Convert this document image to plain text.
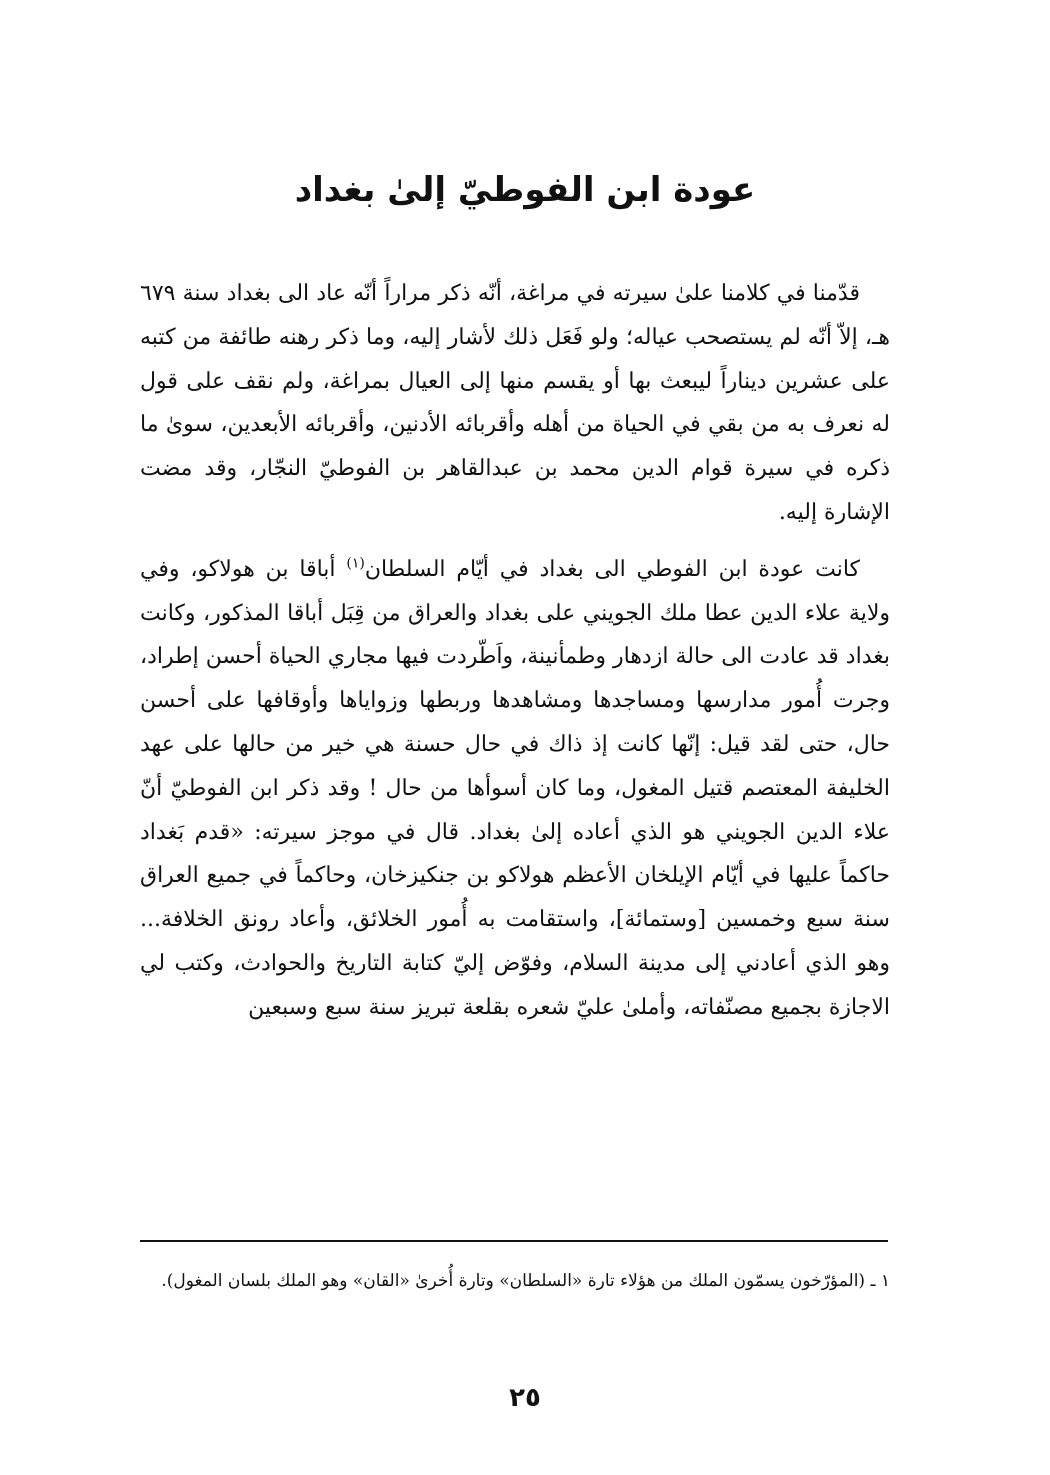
عودة ابن الفوطيّ إلىٰ بغداد

قدّمنا في كلامنا علىٰ سيرته في مراغة، أنّه ذكر مراراً أنّه عاد الى بغداد سنة ٦٧٩ هـ، إلاّ أنّه لم يستصحب عياله؛ ولو فَعَل ذلك لأشار إليه، وما ذكر رهنه طائفة من كتبه على عشرين ديناراً ليبعث بها أو يقسم منها إلى العيال بمراغة، ولم نقف على قول له نعرف به من بقي في الحياة من أهله وأقربائه الأدنين، وأقربائه الأبعدين، سوىٰ ما ذكره في سيرة قوام الدين محمد بن عبدالقاهر بن الفوطيّ النجّار، وقد مضت الإشارة إليه.

كانت عودة ابن الفوطي الى بغداد في أيّام السلطان$^{(١)}$ أباقا بن هولاكو، وفي ولاية علاء الدين عطا ملك الجويني على بغداد والعراق من قِبَل أباقا المذكور، وكانت بغداد قد عادت الى حالة ازدهار وطمأنينة، واَطّردت فيها مجاري الحياة أحسن إطراد، وجرت أُمور مدارسها ومساجدها ومشاهدها وربطها وزواياها وأوقافها على أحسن حال، حتى لقد قيل: إنّها كانت إذ ذاك في حال حسنة هي خير من حالها على عهد الخليفة المعتصم قتيل المغول، وما كان أسوأها من حال ! وقد ذكر ابن الفوطيّ أنّ علاء الدين الجويني هو الذي أعاده إلىٰ بغداد. قال في موجز سيرته: «قدم بَغداد حاكماً عليها في أيّام الإيلخان الأعظم هولاكو بن جنكيزخان، وحاكماً في جميع العراق سنة سبع وخمسين [وستمائة]، واستقامت به أُمور الخلائق، وأعاد رونق الخلافة... وهو الذي أعادني إلى مدينة السلام، وفوّض إليّ كتابة التاريخ والحوادث، وكتب لي الاجازة بجميع مصنّفاته، وأملىٰ عليّ شعره بقلعة تبريز سنة سبع وسبعين

١ ـ (المؤرّخون يسمّون الملك من هؤلاء تارة «السلطان» وتارة أُخرىٰ «القان» وهو الملك بلسان المغول).

٢٥
